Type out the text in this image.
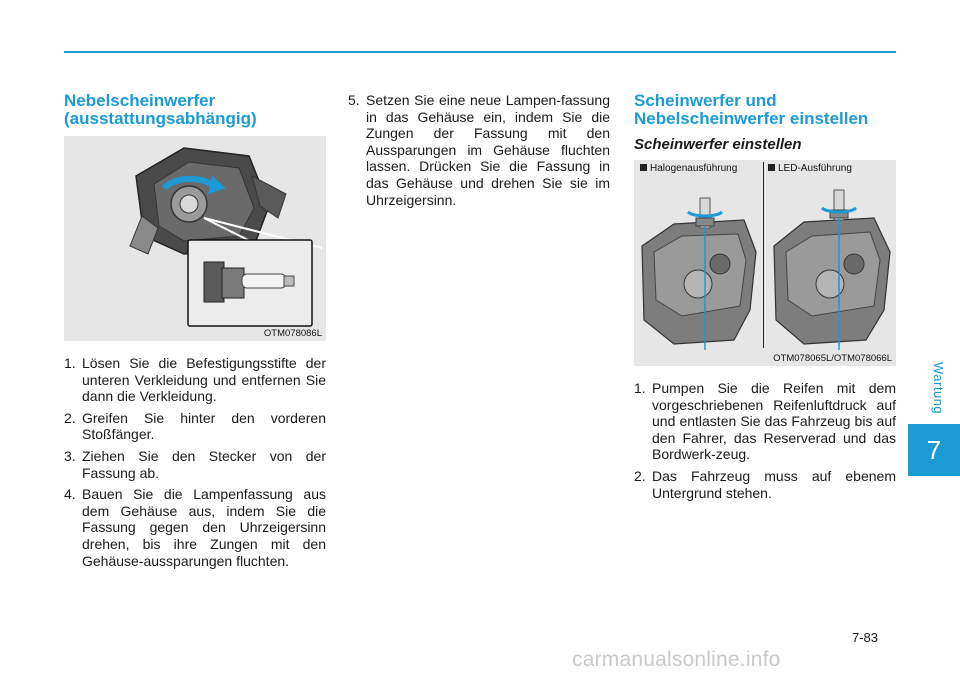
Nebelscheinwerfer
(ausstattungsabhängig)
OTM078086L
1. Lösen Sie die Befestigungsstifte der unteren Verkleidung und entfernen Sie dann die Verkleidung.
2. Greifen Sie hinter den vorderen Stoßfänger.
3. Ziehen Sie den Stecker von der Fassung ab.
4. Bauen Sie die Lampenfassung aus dem Gehäuse aus, indem Sie die Fassung gegen den Uhrzeigersinn drehen, bis ihre Zungen mit den Gehäuse-aussparungen fluchten.
5. Setzen Sie eine neue Lampen-fassung in das Gehäuse ein, indem Sie die Zungen der Fassung mit den Aussparungen im Gehäuse fluchten lassen. Drücken Sie die Fassung in das Gehäuse und drehen Sie sie im Uhrzeigersinn.
Scheinwerfer und
Nebelscheinwerfer einstellen
Scheinwerfer einstellen
Halogenausführung	LED-Ausführung
OTM078065L/OTM078066L
1. Pumpen Sie die Reifen mit dem vorgeschriebenen Reifenluftdruck auf und entlasten Sie das Fahrzeug bis auf den Fahrer, das Reserverad und das Bordwerk-zeug.
2. Das Fahrzeug muss auf ebenem Untergrund stehen.
Wartung
7
7-83
carmanualsonline.info
